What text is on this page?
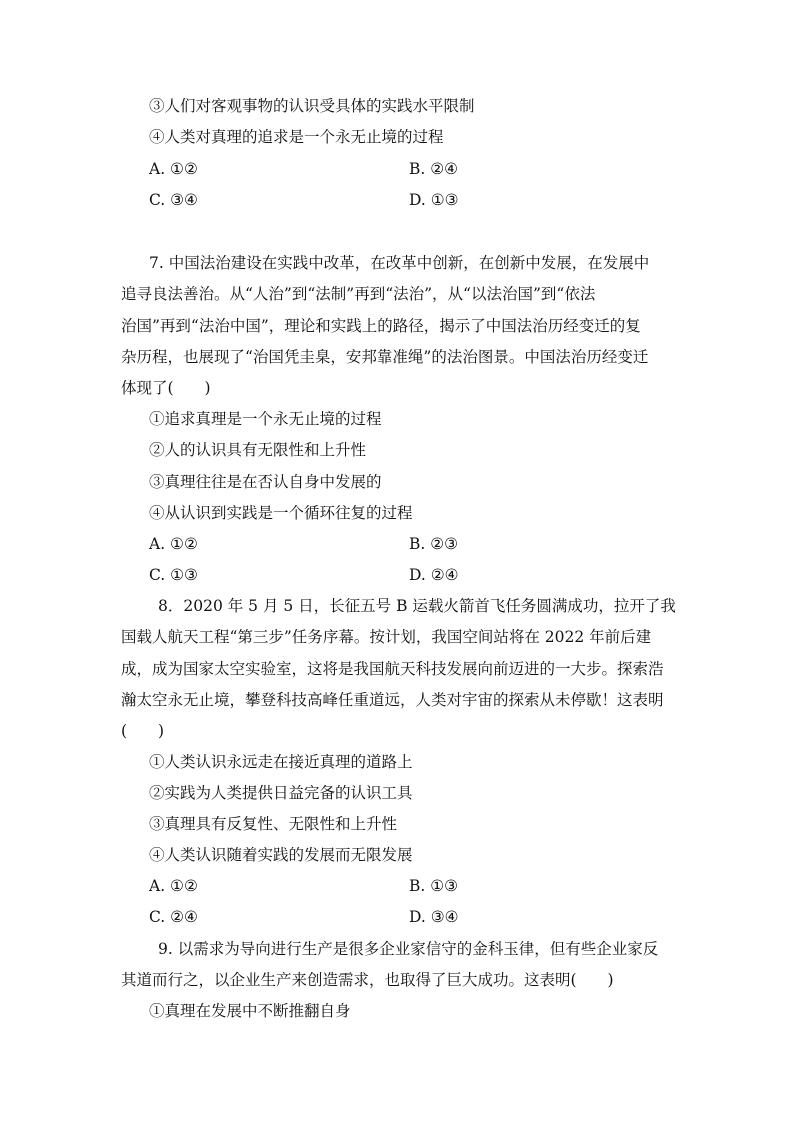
③人们对客观事物的认识受具体的实践水平限制
④人类对真理的追求是一个永无止境的过程
A. ①②	B. ②④
C. ③④	D. ①③
7. 中国法治建设在实践中改革，在改革中创新，在创新中发展，在发展中
追寻良法善治。从“人治”到“法制”再到“法治”，从“以法治国”到“依法
治国”再到“法治中国”，理论和实践上的路径，揭示了中国法治历经变迁的复
杂历程，也展现了“治国凭圭臬，安邦靠准绳”的法治图景。中国法治历经变迁
体现了(　　)
①追求真理是一个永无止境的过程
②人的认识具有无限性和上升性
③真理往往是在否认自身中发展的
④从认识到实践是一个循环往复的过程
A. ①②	B. ②③
C. ①③	D. ②④
8．2020 年 5 月 5 日，长征五号 B 运载火箭首飞任务圆满成功，拉开了我
国载人航天工程“第三步”任务序幕。按计划，我国空间站将在 2022 年前后建
成，成为国家太空实验室，这将是我国航天科技发展向前迈进的一大步。探索浩
瀚太空永无止境，攀登科技高峰任重道远，人类对宇宙的探索从未停歇！这表明
(　　)
①人类认识永远走在接近真理的道路上
②实践为人类提供日益完备的认识工具
③真理具有反复性、无限性和上升性
④人类认识随着实践的发展而无限发展
A. ①②	B. ①③
C. ②④	D. ③④
9. 以需求为导向进行生产是很多企业家信守的金科玉律，但有些企业家反
其道而行之，以企业生产来创造需求，也取得了巨大成功。这表明(　　)
①真理在发展中不断推翻自身
